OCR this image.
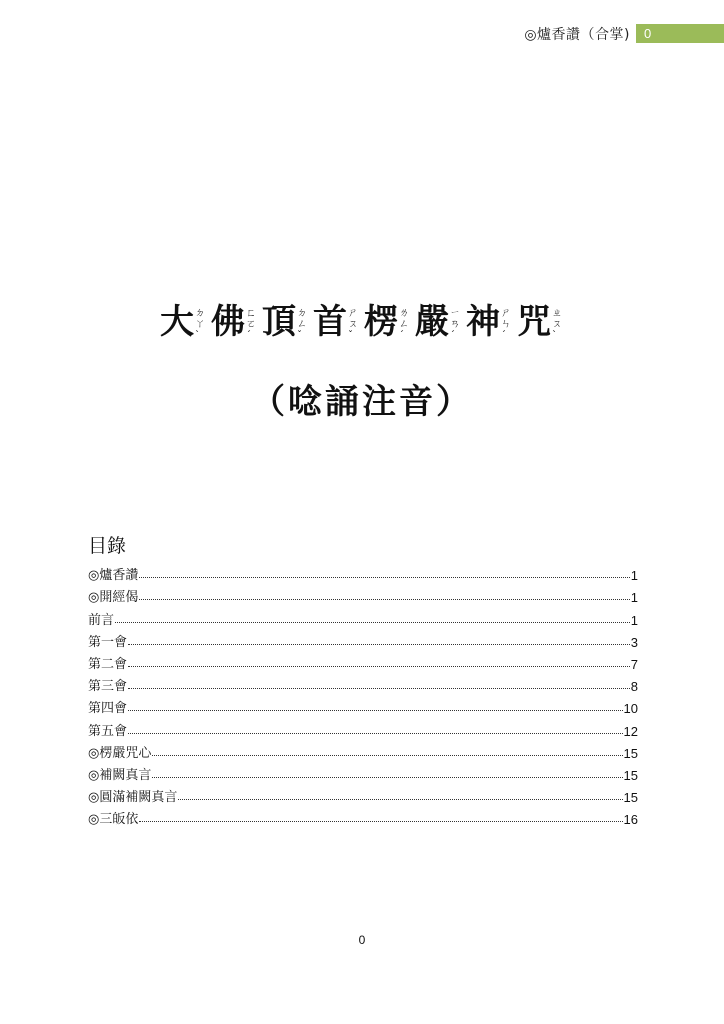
◎爐香讚（合掌)	0
大 ㄉㄚˋ 佛 ㄈㄛˊ 頂 ㄉㄥˇ 首 ㄕㄡˇ 楞 ㄌㄥˊ 嚴 ㄧㄢˊ 神 ㄕㄣˊ 咒 ㄓㄡˋ
（唸誦注音）
目錄
◎爐香讚	1
◎開經偈	1
前言	1
第一會	3
第二會	7
第三會	8
第四會	10
第五會	12
◎楞嚴咒心	15
◎補闕真言	15
◎圓滿補闕真言	15
◎三皈依	16
0
